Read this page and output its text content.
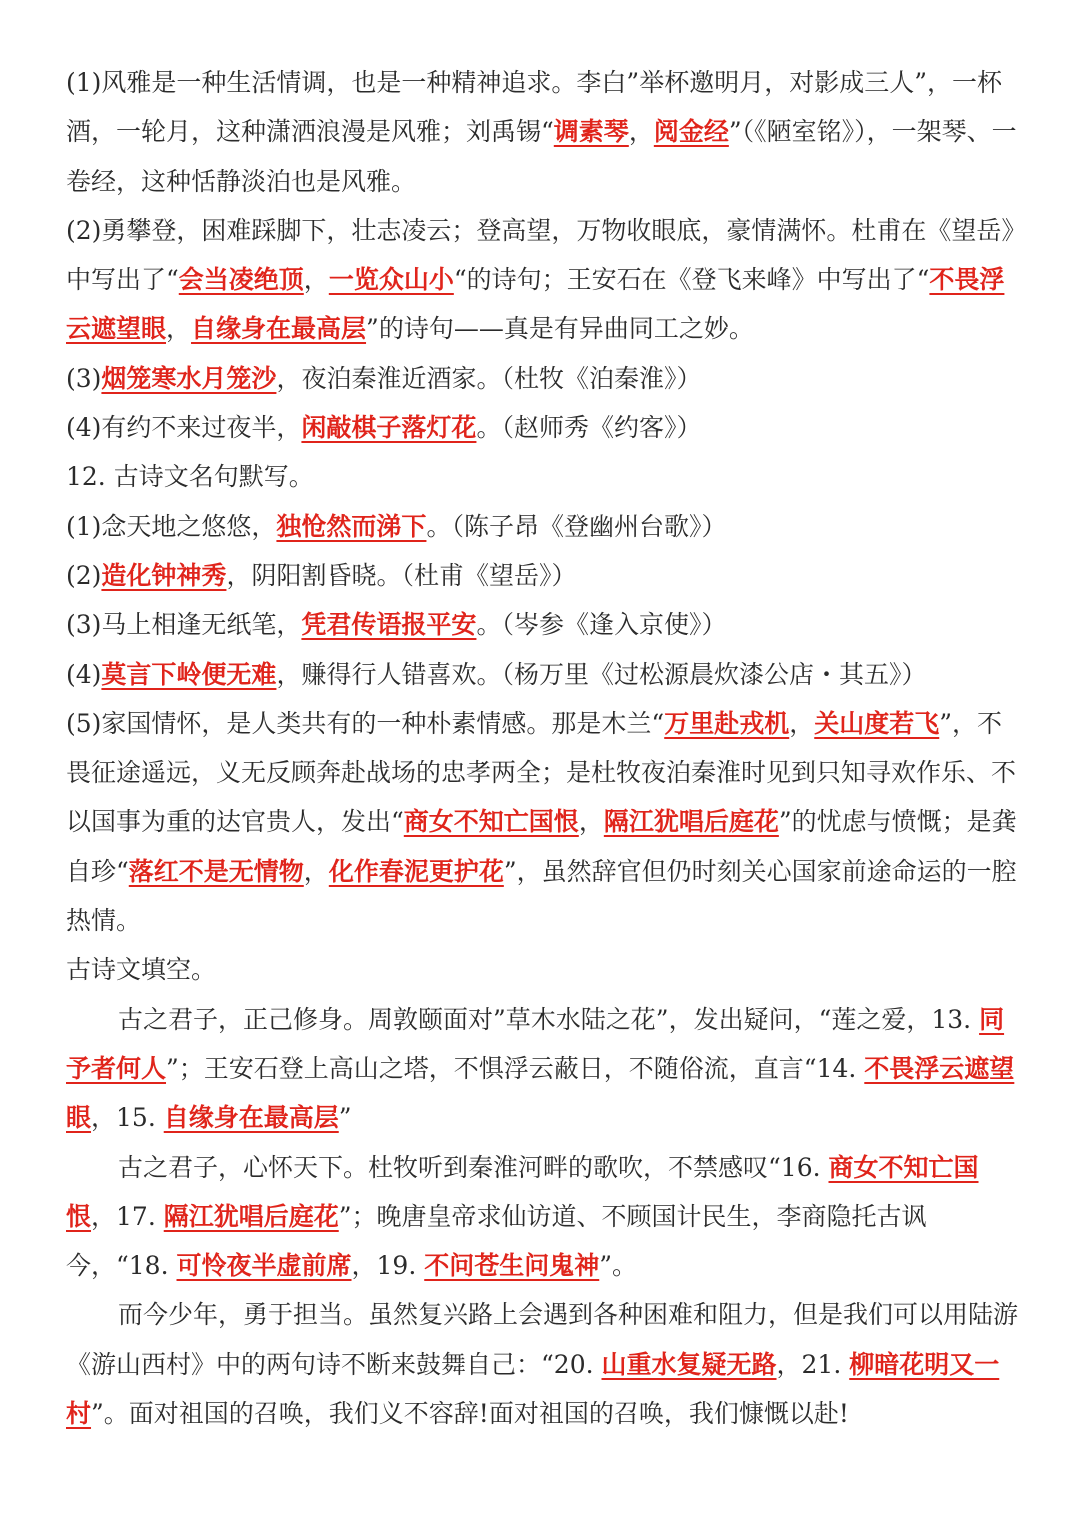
(1)风雅是一种生活情调，也是一种精神追求。李白”举杯邀明月，对影成三人”，一杯酒，一轮月，这种潇洒浪漫是风雅；刘禹锡“调素琴，阅金经”（《陋室铭》），一架琴、一卷经，这种恬静淡泊也是风雅。

(2)勇攀登，困难踩脚下，壮志凌云；登高望，万物收眼底，豪情满怀。杜甫在《望岳》中写出了“会当凌绝顶，一览众山小“的诗句；王安石在《登飞来峰》中写出了“不畏浮云遮望眼，自缘身在最高层”的诗句——真是有异曲同工之妙。

(3)烟笼寒水月笼沙，夜泊秦淮近酒家。（杜牧《泊秦淮》）

(4)有约不来过夜半，闲敲棋子落灯花。（赵师秀《约客》）

12. 古诗文名句默写。

(1)念天地之悠悠，独怆然而涕下。（陈子昂《登幽州台歌》）

(2)造化钟神秀，阴阳割昏晓。（杜甫《望岳》）

(3)马上相逢无纸笔，凭君传语报平安。（岑参《逢入京使》）

(4)莫言下岭便无难，赚得行人错喜欢。（杨万里《过松源晨炊漆公店・其五》）

(5)家国情怀，是人类共有的一种朴素情感。那是木兰“万里赴戎机，关山度若飞”，不畏征途遥远，义无反顾奔赴战场的忠孝两全；是杜牧夜泊秦淮时见到只知寻欢作乐、不以国事为重的达官贵人，发出“商女不知亡国恨，隔江犹唱后庭花”的忧虑与愤慨；是龚自珍“落红不是无情物，化作春泥更护花”，虽然辞官但仍时刻关心国家前途命运的一腔热情。

古诗文填空。

古之君子，正己修身。周敦颐面对”草木水陆之花”，发出疑问，“莲之爱，13. 同予者何人”；王安石登上高山之塔，不惧浮云蔽日，不随俗流，直言“14. 不畏浮云遮望眼，15. 自缘身在最高层”

古之君子，心怀天下。杜牧听到秦淮河畔的歌吹，不禁感叹“16. 商女不知亡国恨，17. 隔江犹唱后庭花”；晚唐皇帝求仙访道、不顾国计民生，李商隐托古讽今，“18. 可怜夜半虚前席，19. 不问苍生问鬼神”。

而今少年，勇于担当。虽然复兴路上会遇到各种困难和阻力，但是我们可以用陆游《游山西村》中的两句诗不断来鼓舞自己：“20. 山重水复疑无路，21. 柳暗花明又一村”。面对祖国的召唤，我们义不容辞!面对祖国的召唤，我们慷慨以赴!
